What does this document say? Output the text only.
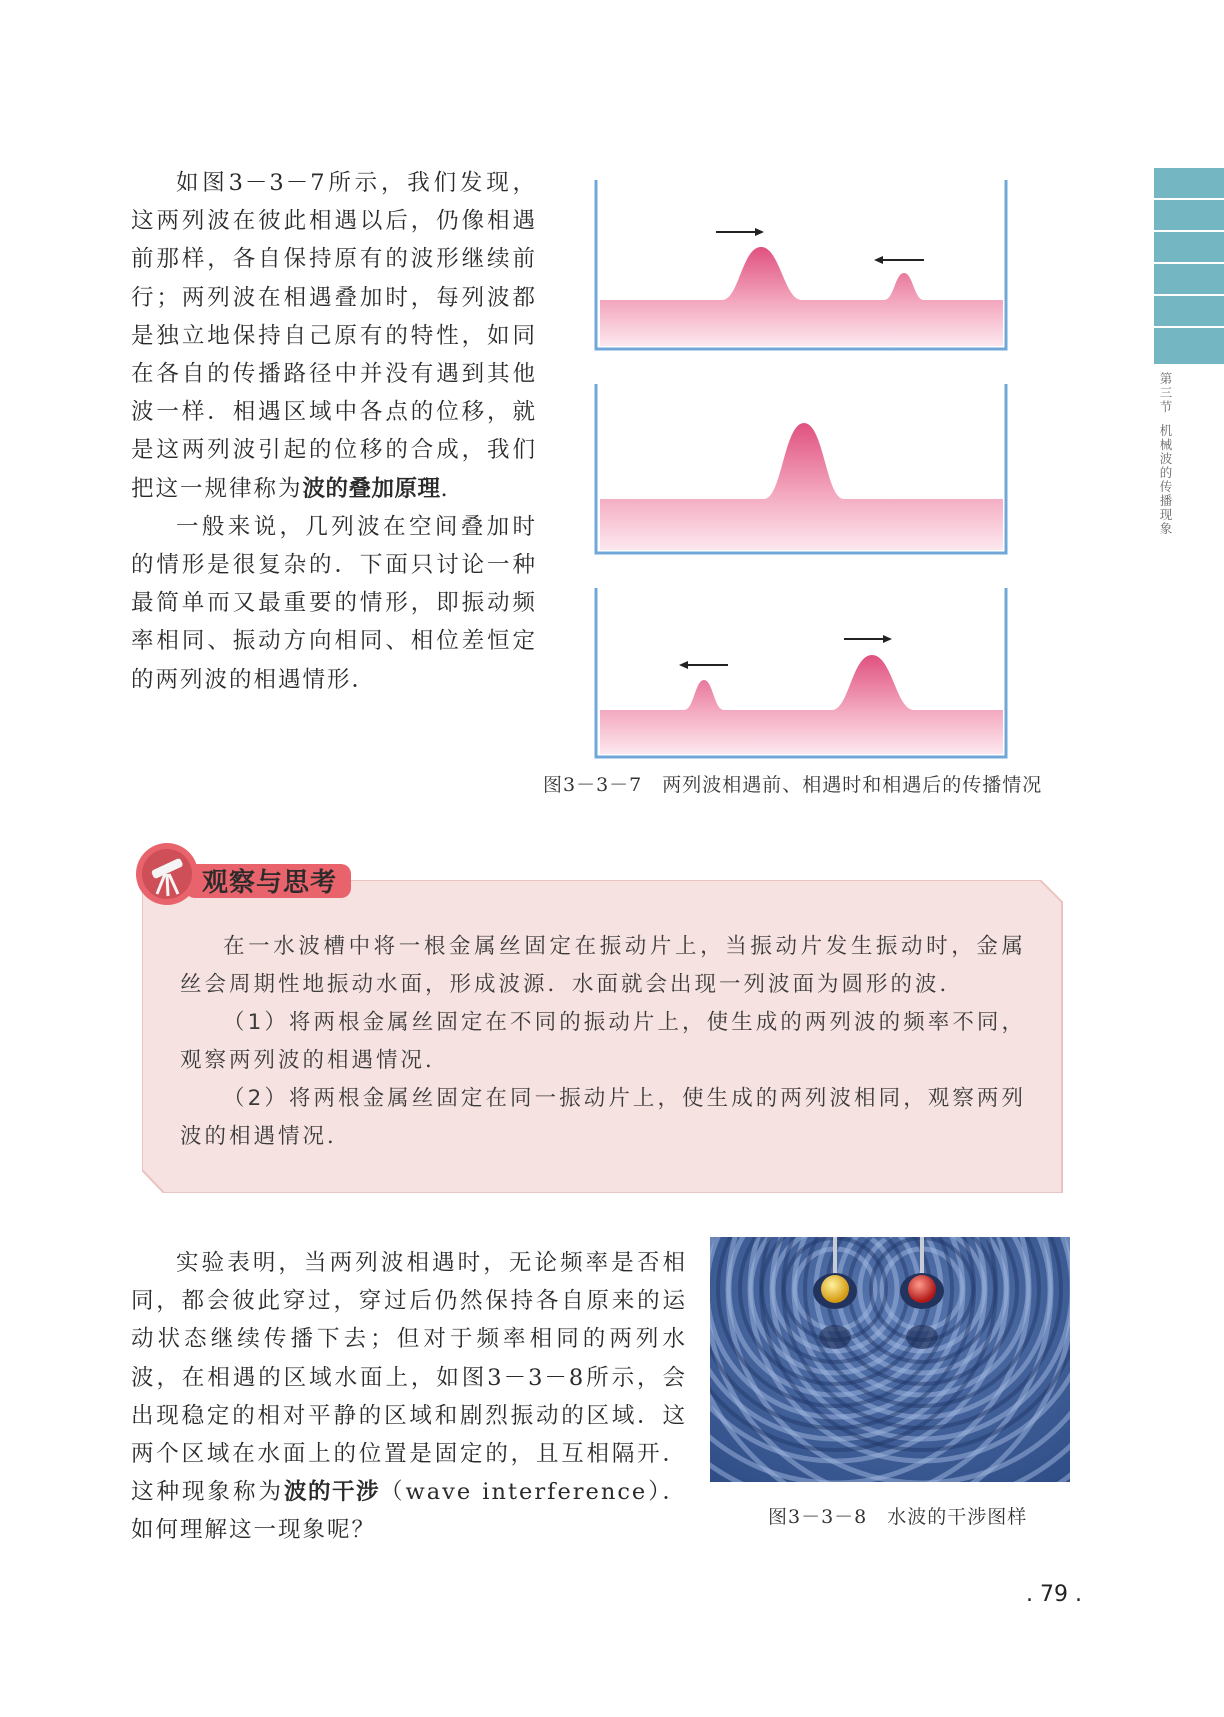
如图3－3－7所示，我们发现，这两列波在彼此相遇以后，仍像相遇前那样，各自保持原有的波形继续前行；两列波在相遇叠加时，每列波都是独立地保持自己原有的特性，如同在各自的传播路径中并没有遇到其他波一样．相遇区域中各点的位移，就是这两列波引起的位移的合成，我们把这一规律称为波的叠加原理.

一般来说，几列波在空间叠加时的情形是很复杂的．下面只讨论一种最简单而又最重要的情形，即振动频率相同、振动方向相同、相位差恒定的两列波的相遇情形．

图3－3－7　两列波相遇前、相遇时和相遇后的传播情况
第三节
机械波的传播现象
观察与思考

在一水波槽中将一根金属丝固定在振动片上，当振动片发生振动时，金属丝会周期性地振动水面，形成波源．水面就会出现一列波面为圆形的波．

（1）将两根金属丝固定在不同的振动片上，使生成的两列波的频率不同，观察两列波的相遇情况．

（2）将两根金属丝固定在同一振动片上，使生成的两列波相同，观察两列波的相遇情况．

实验表明，当两列波相遇时，无论频率是否相同，都会彼此穿过，穿过后仍然保持各自原来的运动状态继续传播下去；但对于频率相同的两列水波，在相遇的区域水面上，如图3－3－8所示，会出现稳定的相对平静的区域和剧烈振动的区域．这两个区域在水面上的位置是固定的，且互相隔开．这种现象称为波的干涉（wave interference）．如何理解这一现象呢？

图3－3－8　水波的干涉图样
. 79 .
